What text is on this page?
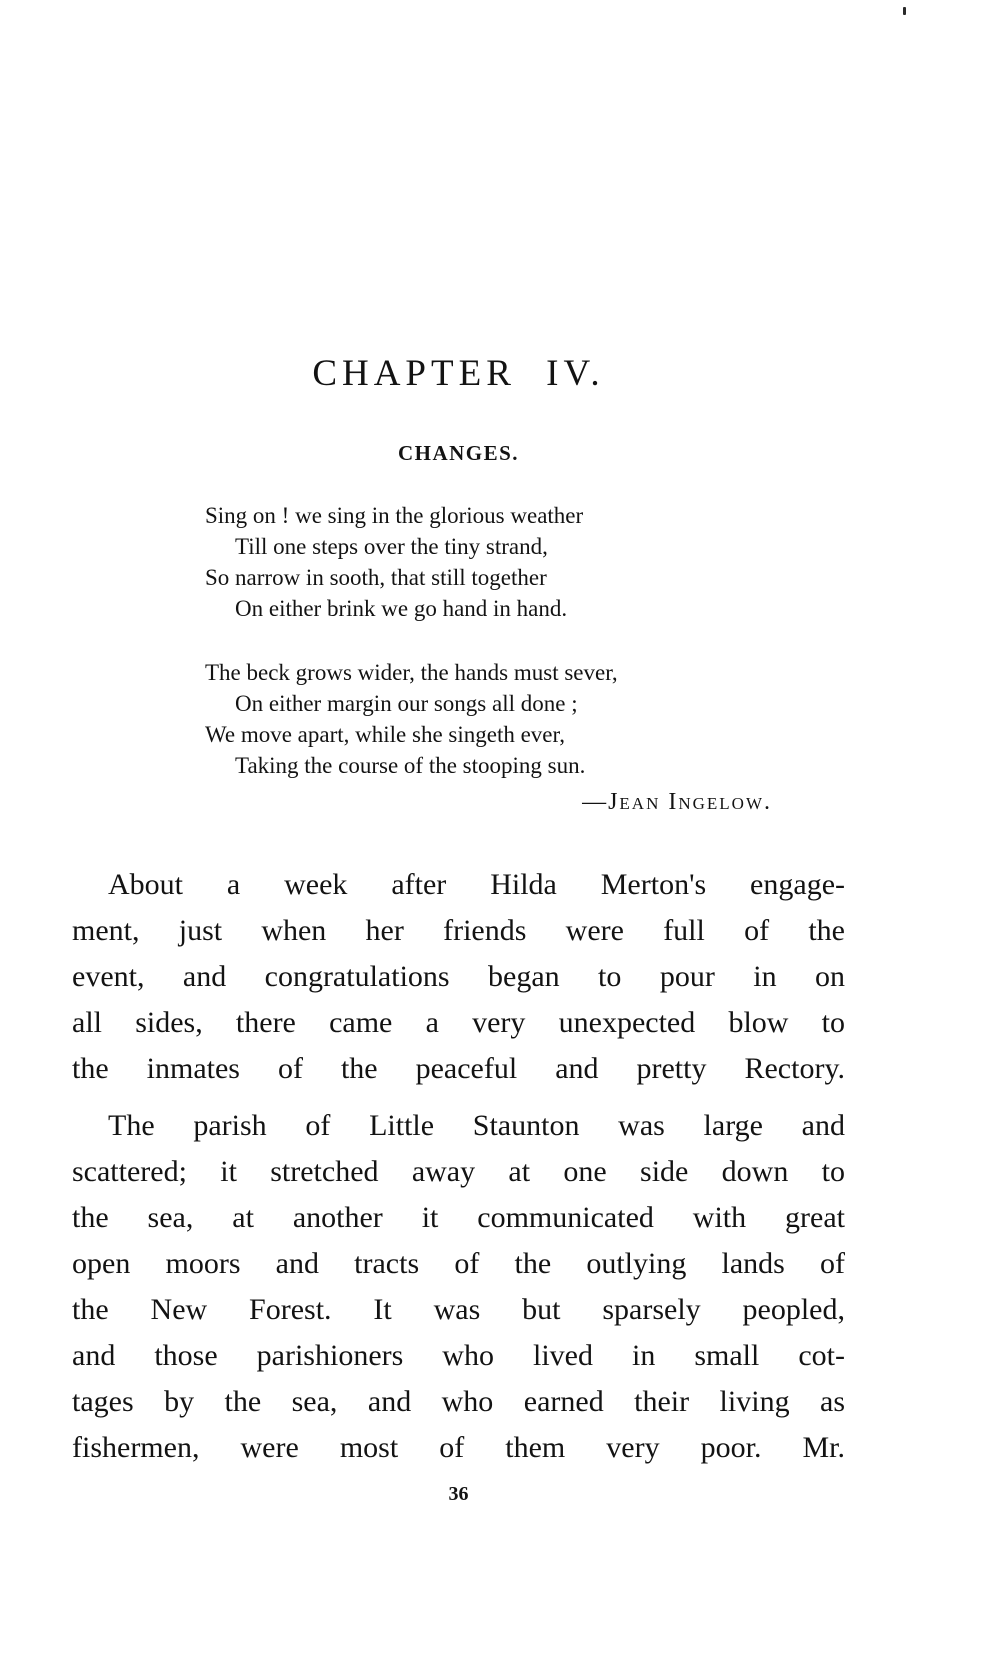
CHAPTER IV.
CHANGES.
Sing on ! we sing in the glorious weather
Till one steps over the tiny strand,
So narrow in sooth, that still together
On either brink we go hand in hand.
The beck grows wider, the hands must sever,
On either margin our songs all done ;
We move apart, while she singeth ever,
Taking the course of the stooping sun.
—Jean Ingelow.
About a week after Hilda Merton's engage-
ment, just when her friends were full of the
event, and congratulations began to pour in on
all sides, there came a very unexpected blow to
the inmates of the peaceful and pretty Rectory.
The parish of Little Staunton was large and
scattered; it stretched away at one side down to
the sea, at another it communicated with great
open moors and tracts of the outlying lands of
the New Forest. It was but sparsely peopled,
and those parishioners who lived in small cot-
tages by the sea, and who earned their living as
fishermen, were most of them very poor. Mr.
36
